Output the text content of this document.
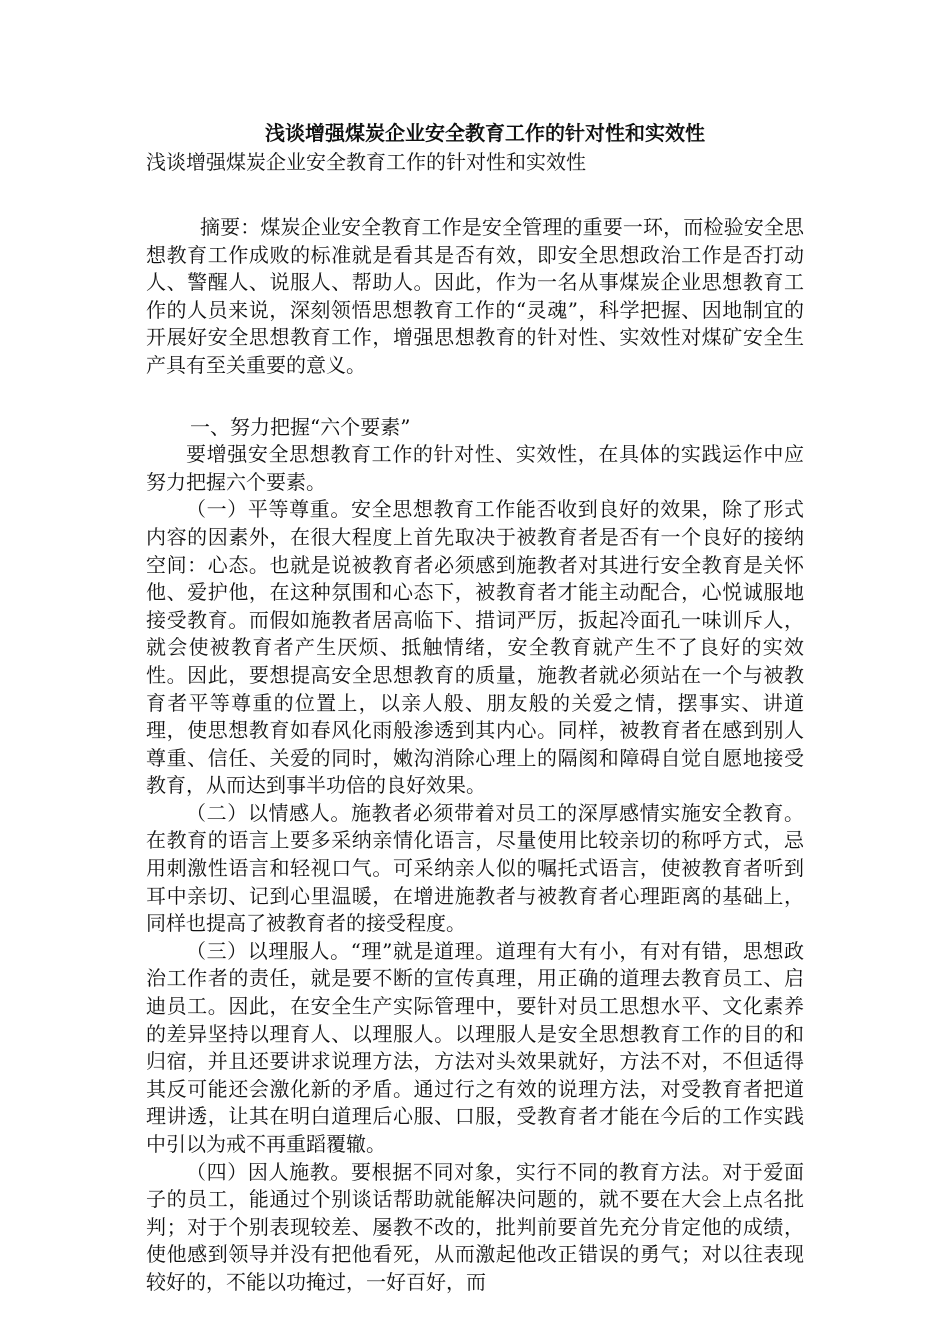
浅谈增强煤炭企业安全教育工作的针对性和实效性

浅谈增强煤炭企业安全教育工作的针对性和实效性

摘要：煤炭企业安全教育工作是安全管理的重要一环，而检验安全思想教育工作成败的标准就是看其是否有效，即安全思想政治工作是否打动人、警醒人、说服人、帮助人。因此，作为一名从事煤炭企业思想教育工作的人员来说，深刻领悟思想教育工作的“灵魂”，科学把握、因地制宜的开展好安全思想教育工作，增强思想教育的针对性、实效性对煤矿安全生产具有至关重要的意义。

一、努力把握“六个要素”

要增强安全思想教育工作的针对性、实效性，在具体的实践运作中应努力把握六个要素。

（一）平等尊重。安全思想教育工作能否收到良好的效果，除了形式内容的因素外，在很大程度上首先取决于被教育者是否有一个良好的接纳空间：心态。也就是说被教育者必须感到施教者对其进行安全教育是关怀他、爱护他，在这种氛围和心态下，被教育者才能主动配合，心悦诚服地接受教育。而假如施教者居高临下、措词严厉，扳起冷面孔一味训斥人，就会使被教育者产生厌烦、抵触情绪，安全教育就产生不了良好的实效性。因此，要想提高安全思想教育的质量，施教者就必须站在一个与被教育者平等尊重的位置上，以亲人般、朋友般的关爱之情，摆事实、讲道理，使思想教育如春风化雨般渗透到其内心。同样，被教育者在感到别人尊重、信任、关爱的同时，嫩沟消除心理上的隔阂和障碍自觉自愿地接受教育，从而达到事半功倍的良好效果。

（二）以情感人。施教者必须带着对员工的深厚感情实施安全教育。在教育的语言上要多采纳亲情化语言，尽量使用比较亲切的称呼方式，忌用刺激性语言和轻视口气。可采纳亲人似的嘱托式语言，使被教育者听到耳中亲切、记到心里温暖，在增进施教者与被教育者心理距离的基础上，同样也提高了被教育者的接受程度。

（三）以理服人。“理”就是道理。道理有大有小，有对有错，思想政治工作者的责任，就是要不断的宣传真理，用正确的道理去教育员工、启迪员工。因此，在安全生产实际管理中，要针对员工思想水平、文化素养的差异坚持以理育人、以理服人。以理服人是安全思想教育工作的目的和归宿，并且还要讲求说理方法，方法对头效果就好，方法不对，不但适得其反可能还会激化新的矛盾。通过行之有效的说理方法，对受教育者把道理讲透，让其在明白道理后心服、口服，受教育者才能在今后的工作实践中引以为戒不再重蹈覆辙。

（四）因人施教。要根据不同对象，实行不同的教育方法。对于爱面子的员工，能通过个别谈话帮助就能解决问题的，就不要在大会上点名批判；对于个别表现较差、屡教不改的，批判前要首先充分肯定他的成绩，使他感到领导并没有把他看死，从而激起他改正错误的勇气；对以往表现较好的，不能以功掩过，一好百好，而
